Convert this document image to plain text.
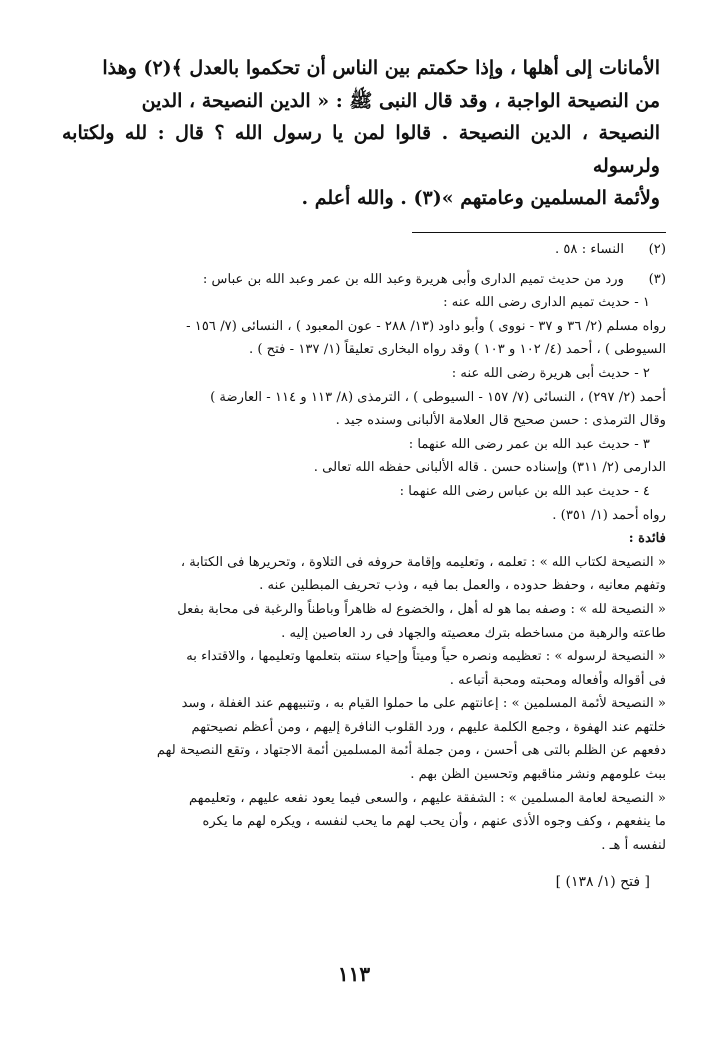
الأمانات إلى أهلها ، وإذا حكمتم بين الناس أن تحكموا بالعدل ﴾(٢) وهذا

من النصيحة الواجبة ، وقد قال النبى ﷺ : « الدين النصيحة ، الدين

النصيحة ، الدين النصيحة . قالوا لمن يا رسول الله ؟ قال : لله ولكتابه ولرسوله

ولأئمة المسلمين وعامتهم »(٣) . والله أعلم .

(٢)النساء : ٥٨ .
(٣)ورد من حديث تميم الدارى وأبى هريرة وعبد الله بن عمر وعبد الله بن عباس :
١ - حديث تميم الدارى رضى الله عنه :
رواه مسلم (٢/ ٣٦ و ٣٧ - نووى ) وأبو داود (١٣/ ٢٨٨ - عون المعبود ) ، النسائى (٧/ ١٥٦ -
السيوطى ) ، أحمد (٤/ ١٠٢ و ١٠٣ ) وقد رواه البخارى تعليقاً (١/ ١٣٧ - فتح ) .
٢ - حديث أبى هريرة رضى الله عنه :
أحمد (٢/ ٢٩٧) ، النسائى (٧/ ١٥٧ - السيوطى ) ، الترمذى (٨/ ١١٣ و ١١٤ - العارضة )
وقال الترمذى : حسن صحيح قال العلامة الألبانى وسنده جيد .
٣ - حديث عبد الله بن عمر رضى الله عنهما :
الدارمى (٢/ ٣١١) وإسناده حسن . قاله الألبانى حفظه الله تعالى .
٤ - حديث عبد الله بن عباس رضى الله عنهما :
رواه أحمد (١/ ٣٥١) .
فائدة :
« النصيحة لكتاب الله » : تعلمه ، وتعليمه وإقامة حروفه فى التلاوة ، وتحريرها فى الكتابة ،
وتفهم معانيه ، وحفظ حدوده ، والعمل بما فيه ، وذب تحريف المبطلين عنه .
« النصيحة لله » : وصفه بما هو له أهل ، والخضوع له ظاهراً وباطناً والرغبة فى محابة بفعل
طاعته والرهبة من مساخطه بترك معصيته والجهاد فى رد العاصين إليه .
« النصيحة لرسوله » : تعظيمه ونصره حياً وميتاً وإحياء سنته بتعلمها وتعليمها ، والاقتداء به
فى أقواله وأفعاله ومحبته ومحبة أتباعه .
« النصيحة لأئمة المسلمين » : إعانتهم على ما حملوا القيام به ، وتنبيههم عند الغفلة ، وسد
خلتهم عند الهفوة ، وجمع الكلمة عليهم ، ورد القلوب النافرة إليهم ، ومن أعظم نصيحتهم
دفعهم عن الظلم بالتى هى أحسن ، ومن جملة أئمة المسلمين أئمة الاجتهاد ، وتقع النصيحة لهم
ببث علومهم ونشر مناقبهم وتحسين الظن بهم .
« النصيحة لعامة المسلمين » : الشفقة عليهم ، والسعى فيما يعود نفعه عليهم ، وتعليمهم
ما ينفعهم ، وكف وجوه الأذى عنهم ، وأن يحب لهم ما يحب لنفسه ، ويكره لهم ما يكره
لنفسه أ هـ .
[ فتح (١/ ١٣٨) ]
١١٣
